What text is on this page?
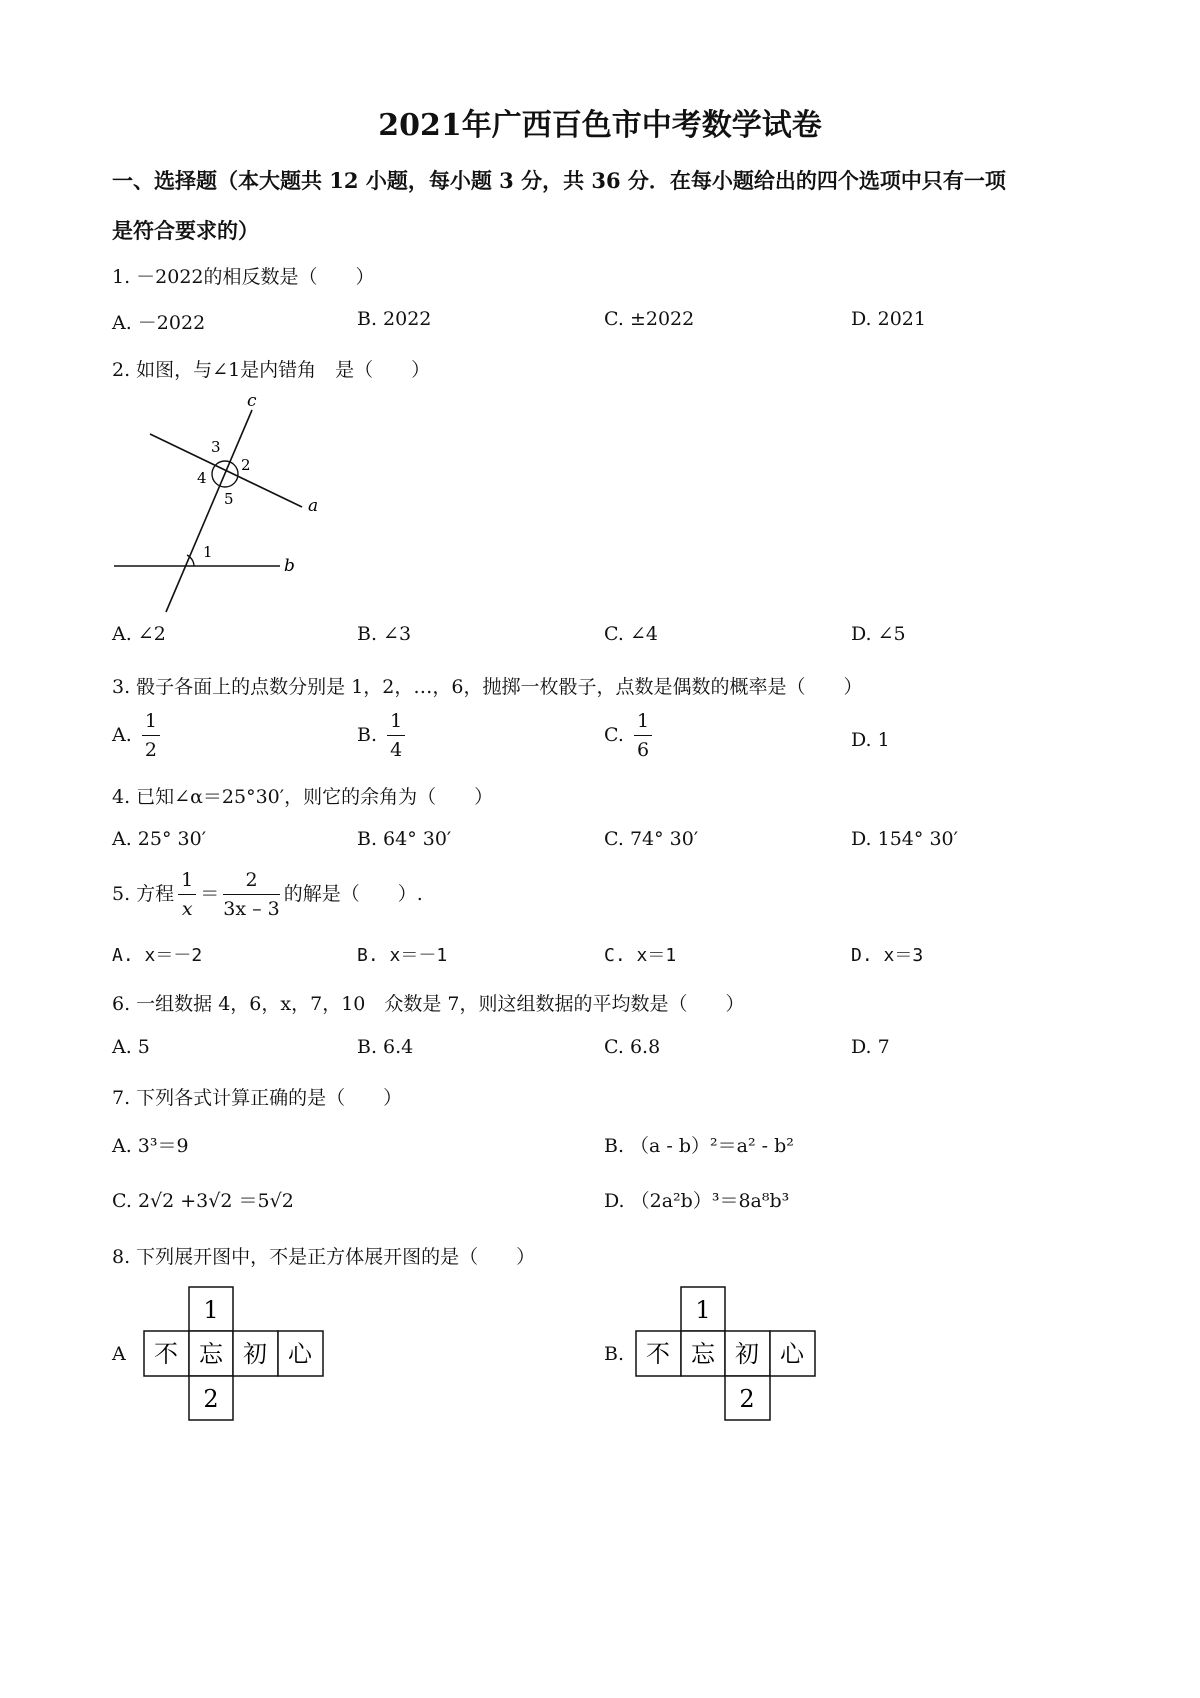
2021年广西百色市中考数学试卷
一、选择题（本大题共 12 小题，每小题 3 分，共 36 分．在每小题给出的四个选项中只有一项
是符合要求的）
1. －2022的相反数是（　　）
A. －2022	B. 2022	C. ±2022	D. 2021
2. 如图，与∠1是内错角　是（　　）
c
3
2
4
5	a
1
b
A. ∠2	B. ∠3	C. ∠4	D. ∠5
3. 骰子各面上的点数分别是 1，2，…，6，抛掷一枚骰子，点数是偶数的概率是（　　）
A. $\frac{1}{2}$	B. $\frac{1}{4}$	C. $\frac{1}{6}$	D. 1
4. 已知∠α＝25°30′，则它的余角为（　　）
A. 25° 30′	B. 64° 30′	C. 74° 30′	D. 154° 30′
5. 方程 $\frac{1}{x} = \frac{2}{3x - 3}$ 的解是（　　）.
A. x＝－2	B. x＝－1	C. x＝1	D. x＝3
6. 一组数据 4，6，x，7，10　众数是 7，则这组数据的平均数是（　　）
A. 5	B. 6.4	C. 6.8	D. 7
7. 下列各式计算正确的是（　　）
A. 3³＝9	B. （a - b）²＝a² - b²
C. 2√2 +3√2 ＝5√2	D. （2a²b）³＝8a⁸b³
8. 下列展开图中，不是正方体展开图的是（　　）
A
1
不 忘 初 心
2
B.
1
不 忘 初 心
2
